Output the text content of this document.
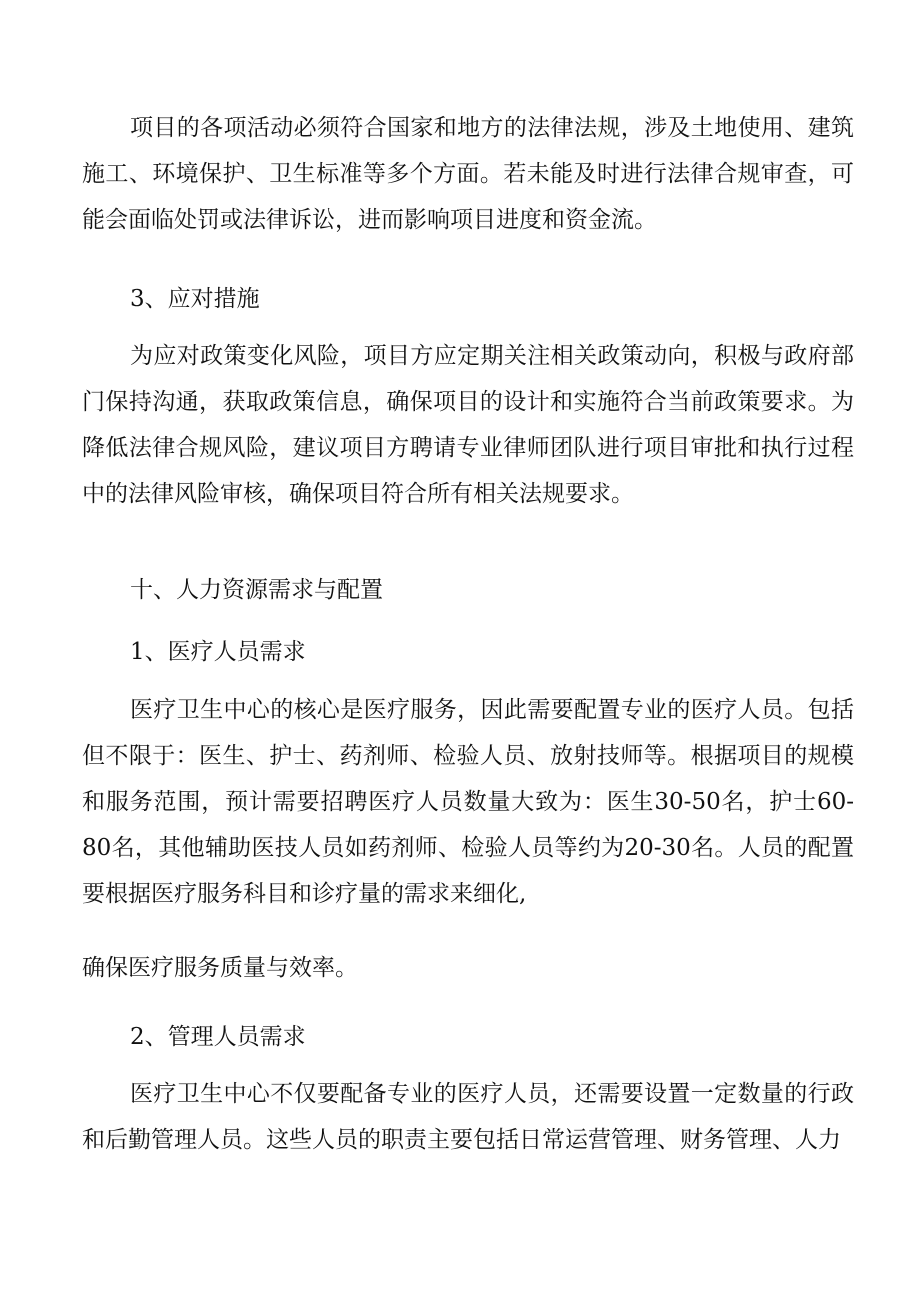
项目的各项活动必须符合国家和地方的法律法规，涉及土地使用、建筑施工、环境保护、卫生标准等多个方面。若未能及时进行法律合规审查，可能会面临处罚或法律诉讼，进而影响项目进度和资金流。

3、应对措施

为应对政策变化风险，项目方应定期关注相关政策动向，积极与政府部门保持沟通，获取政策信息，确保项目的设计和实施符合当前政策要求。为降低法律合规风险，建议项目方聘请专业律师团队进行项目审批和执行过程中的法律风险审核，确保项目符合所有相关法规要求。

十、人力资源需求与配置

1、医疗人员需求

医疗卫生中心的核心是医疗服务，因此需要配置专业的医疗人员。包括但不限于：医生、护士、药剂师、检验人员、放射技师等。根据项目的规模和服务范围，预计需要招聘医疗人员数量大致为：医生30-50名，护士60-80名，其他辅助医技人员如药剂师、检验人员等约为20-30名。人员的配置要根据医疗服务科目和诊疗量的需求来细化,

确保医疗服务质量与效率。

2、管理人员需求

医疗卫生中心不仅要配备专业的医疗人员，还需要设置一定数量的行政和后勤管理人员。这些人员的职责主要包括日常运营管理、财务管理、人力
